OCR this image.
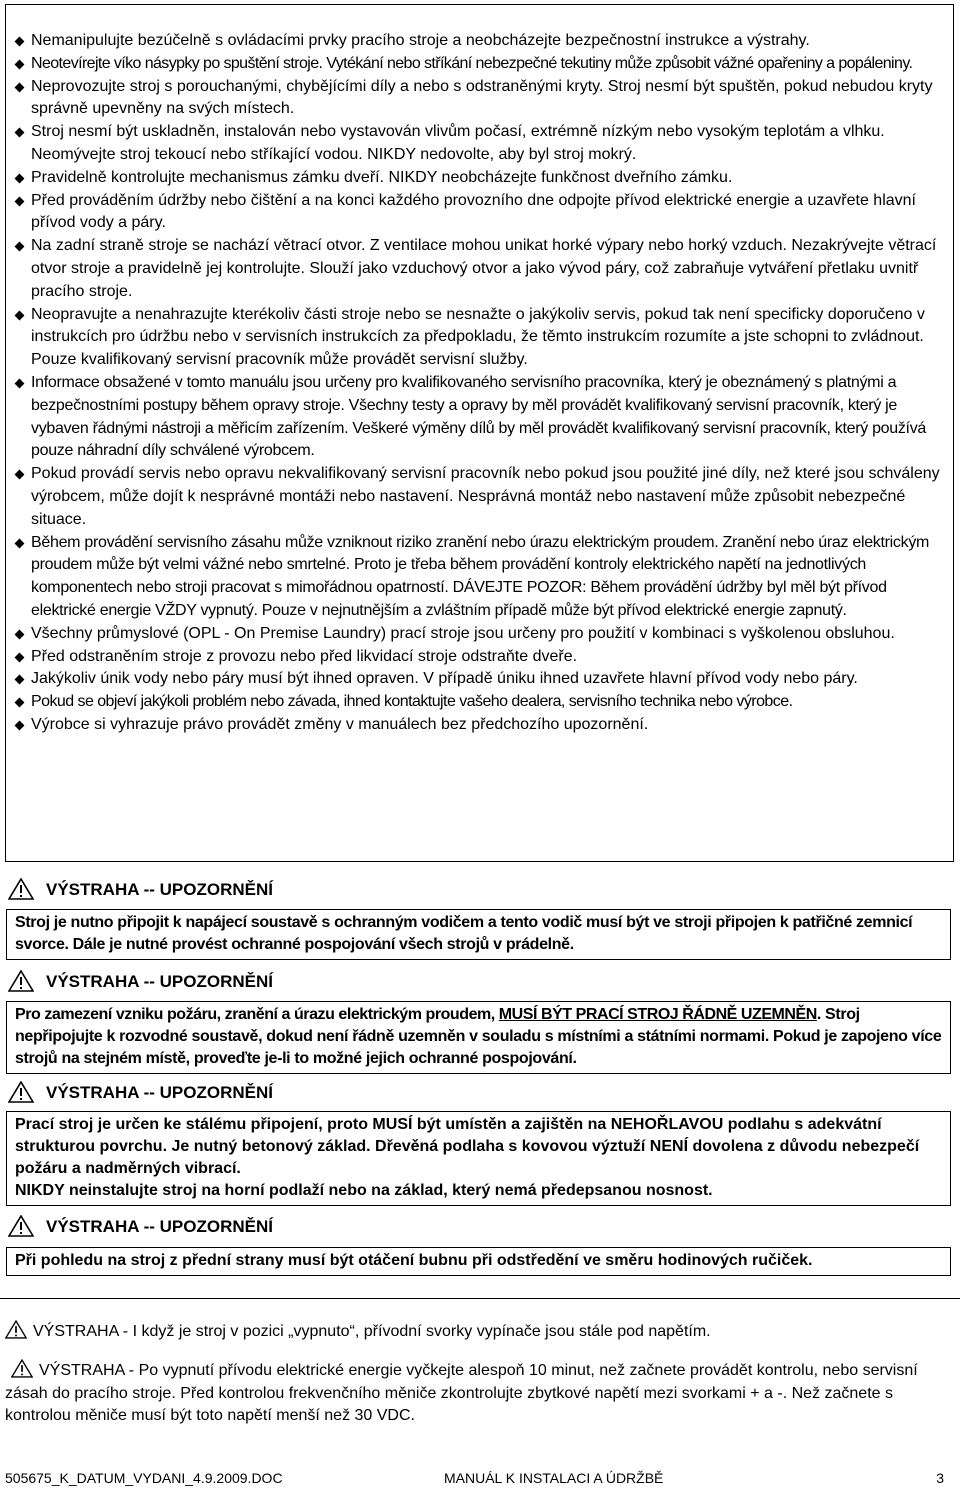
Nemanipulujte bezúčelně s ovládacími prvky pracího stroje a neobcházejte bezpečnostní instrukce a výstrahy.
Neotevírejte víko násypky po spuštění stroje. Vytékání nebo stříkání nebezpečné tekutiny může způsobit vážné opařeniny a popáleniny.
Neprovozujte stroj s porouchanými, chybějícími díly a nebo s odstraněnými kryty. Stroj nesmí být spuštěn, pokud nebudou kryty správně upevněny na svých místech.
Stroj nesmí být uskladněn, instalován nebo vystavován vlivům počasí, extrémně nízkým nebo vysokým teplotám a vlhku. Neomývejte stroj tekoucí nebo stříkající vodou. NIKDY nedovolte, aby byl stroj mokrý.
Pravidelně kontrolujte mechanismus zámku dveří. NIKDY neobcházejte funkčnost dveřního zámku.
Před prováděním údržby nebo čištění a na konci každého provozního dne odpojte přívod elektrické energie a uzavřete hlavní přívod vody a páry.
Na zadní straně stroje se nachází větrací otvor. Z ventilace mohou unikat horké výpary nebo horký vzduch. Nezakrývejte větrací otvor stroje a pravidelně jej kontrolujte. Slouží jako vzduchový otvor a jako vývod páry, což zabraňuje vytváření přetlaku uvnitř pracího stroje.
Neopravujte a nenahrazujte kterékoliv části stroje nebo se nesnažte o jakýkoliv servis, pokud tak není specificky doporučeno v instrukcích pro údržbu nebo v servisních instrukcích za předpokladu, že těmto instrukcím rozumíte a jste schopni to zvládnout. Pouze kvalifikovaný servisní pracovník může provádět servisní služby.
Informace obsažené v tomto manuálu jsou určeny pro kvalifikovaného servisního pracovníka, který je obeznámený s platnými a bezpečnostními postupy během opravy stroje. Všechny testy a opravy by měl provádět kvalifikovaný servisní pracovník, který je vybaven řádnými nástroji a měřicím zařízením. Veškeré výměny dílů by měl provádět kvalifikovaný servisní pracovník, který používá pouze náhradní díly schválené výrobcem.
Pokud provádí servis nebo opravu nekvalifikovaný servisní pracovník nebo pokud jsou použité jiné díly, než které jsou schváleny výrobcem, může dojít k nesprávné montáži nebo nastavení. Nesprávná montáž nebo nastavení může způsobit nebezpečné situace.
Během provádění servisního zásahu může vzniknout riziko zranění nebo úrazu elektrickým proudem. Zranění nebo úraz elektrickým proudem může být velmi vážné nebo smrtelné. Proto je třeba během provádění kontroly elektrického napětí na jednotlivých komponentech nebo stroji pracovat s mimořádnou opatrností. DÁVEJTE POZOR: Během provádění údržby byl měl být přívod elektrické energie VŽDY vypnutý. Pouze v nejnutnějším a zvláštním případě může být přívod elektrické energie zapnutý.
Všechny průmyslové (OPL - On Premise Laundry) prací stroje jsou určeny pro použití v kombinaci s vyškolenou obsluhou.
Před odstraněním stroje z provozu nebo před likvidací stroje odstraňte dveře.
Jakýkoliv únik vody nebo páry musí být ihned opraven. V případě úniku ihned uzavřete hlavní přívod vody nebo páry.
Pokud se objeví jakýkoli problém nebo závada, ihned kontaktujte vašeho dealera, servisního technika nebo výrobce.
Výrobce si vyhrazuje právo provádět změny v manuálech bez předchozího upozornění.
VÝSTRAHA -- UPOZORNĚNÍ
Stroj je nutno připojit k napájecí soustavě s ochranným vodičem a tento vodič musí být ve stroji připojen k patřičné zemnicí svorce. Dále je nutné provést ochranné pospojování všech strojů v prádelně.
VÝSTRAHA -- UPOZORNĚNÍ
Pro zamezení vzniku požáru, zranění a úrazu elektrickým proudem, MUSÍ BÝT PRACÍ STROJ ŘÁDNĚ UZEMNĚN. Stroj nepřipojujte k rozvodné soustavě, dokud není řádně uzemněn v souladu s místními a státními normami. Pokud je zapojeno více strojů na stejném místě, proveďte je-li to možné jejich ochranné pospojování.
VÝSTRAHA -- UPOZORNĚNÍ
Prací stroj je určen ke stálému připojení, proto MUSÍ být umístěn a zajištěn na NEHOŘLAVOU podlahu s adekvátní strukturou povrchu. Je nutný betonový základ. Dřevěná podlaha s kovovou výztuží NENÍ dovolena z důvodu nebezpečí požáru a nadměrných vibrací.
NIKDY neinstalujte stroj na horní podlaží nebo na základ, který nemá předepsanou nosnost.
VÝSTRAHA -- UPOZORNĚNÍ
Při pohledu na stroj z přední strany musí být otáčení bubnu při odstředění ve směru hodinových ručiček.
VÝSTRAHA - I když je stroj v pozici „vypnuto“, přívodní svorky vypínače jsou stále pod napětím.
VÝSTRAHA - Po vypnutí přívodu elektrické energie vyčkejte alespoň 10 minut, než začnete provádět kontrolu, nebo servisní zásah do pracího stroje. Před kontrolou frekvenčního měniče zkontrolujte zbytkové napětí mezi svorkami + a -. Než začnete s kontrolou měniče musí být toto napětí menší než 30 VDC.
505675_K_DATUM_VYDANI_4.9.2009.DOC	MANUÁL K INSTALACI A ÚDRŽBĚ	3
